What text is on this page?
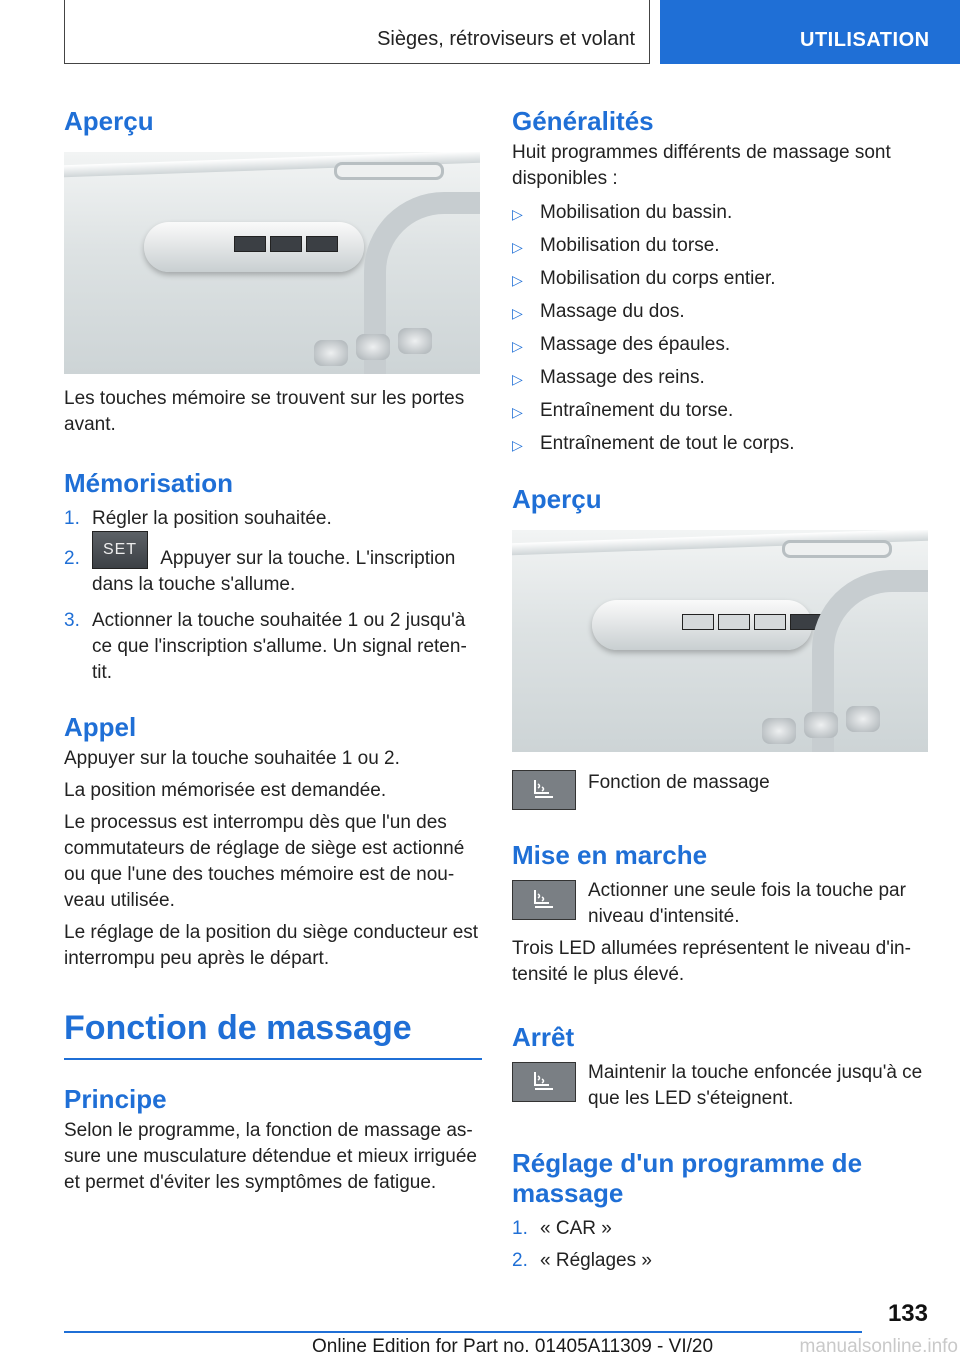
Sièges, rétroviseurs et volant	UTILISATION
Aperçu

Les touches mémoire se trouvent sur les portes avant.

Mémorisation
1. Régler la position souhaitée.
2.	SET Appuyer sur la touche. L'inscription dans la touche s'allume.
3. Actionner la touche souhaitée 1 ou 2 jusqu'à ce que l'inscription s'allume. Un signal reten‐tit.
Appel

Appuyer sur la touche souhaitée 1 ou 2.

La position mémorisée est demandée.

Le processus est interrompu dès que l'un des commutateurs de réglage de siège est actionné ou que l'une des touches mémoire est de nou‐veau utilisée.

Le réglage de la position du siège conducteur est interrompu peu après le départ.

Fonction de massage
Principe

Selon le programme, la fonction de massage as‐sure une musculature détendue et mieux irriguée et permet d'éviter les symptômes de fatigue.

Généralités

Huit programmes différents de massage sont disponibles :

▷ Mobilisation du bassin.
▷ Mobilisation du torse.
▷ Mobilisation du corps entier.
▷ Massage du dos.
▷ Massage des épaules.
▷ Massage des reins.
▷ Entraînement du torse.
▷ Entraînement de tout le corps.
Aperçu

Fonction de massage

Mise en marche

Actionner une seule fois la touche par niveau d'intensité.

Trois LED allumées représentent le niveau d'in‐tensité le plus élevé.

Arrêt

Maintenir la touche enfoncée jusqu'à ce que les LED s'éteignent.

Réglage d'un programme de massage
1. « CAR »
2. « Réglages »
133
Online Edition for Part no. 01405A11309 - VI/20	manualsonline.info
